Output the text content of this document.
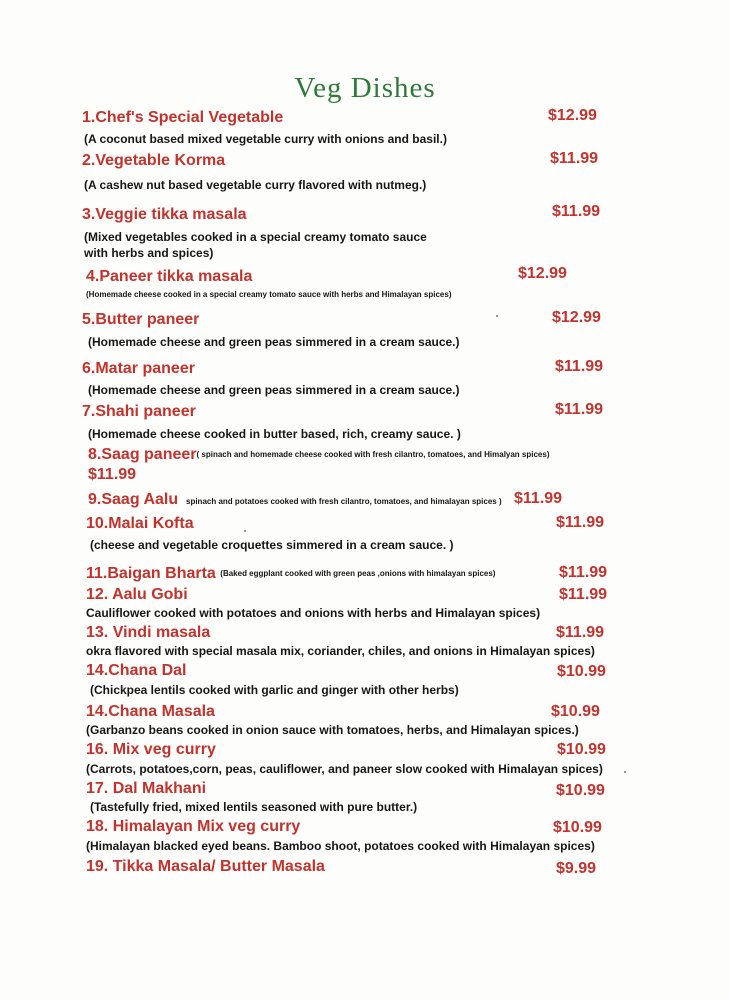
Veg Dishes
1.Chef's Special Vegetable	$12.99
(A coconut based mixed vegetable curry with onions and basil.)
2.Vegetable Korma	$11.99
(A cashew nut based vegetable curry flavored with nutmeg.)
3.Veggie tikka masala	$11.99
(Mixed vegetables cooked in a special creamy tomato sauce with herbs and spices)
4.Paneer tikka masala	$12.99
(Homemade cheese cooked in a special creamy tomato sauce with herbs and Himalayan spices)
5.Butter paneer	$12.99
(Homemade cheese and green peas simmered in a cream sauce.)
6.Matar paneer	$11.99
(Homemade cheese and green peas simmered in a cream sauce.)
7.Shahi paneer	$11.99
(Homemade cheese cooked in butter based, rich, creamy sauce. )
8.Saag paneer( spinach and homemade cheese cooked with fresh cilantro, tomatoes, and Himalyan spices)
$11.99
9.Saag Aalu spinach and potatoes cooked with fresh cilantro, tomatoes, and himalayan spices ) $11.99
10.Malai Kofta	$11.99
(cheese and vegetable croquettes simmered in a cream sauce. )
11.Baigan Bharta (Baked eggplant cooked with green peas ,onions with himalayan spices)	$11.99
12. Aalu Gobi	$11.99
Cauliflower cooked with potatoes and onions with herbs and Himalayan spices)
13. Vindi masala	$11.99
okra flavored with special masala mix, coriander, chiles, and onions in Himalayan spices)
14.Chana Dal	$10.99
(Chickpea lentils cooked with garlic and ginger with other herbs)
14.Chana Masala	$10.99
(Garbanzo beans cooked in onion sauce with tomatoes, herbs, and Himalayan spices.)
16. Mix veg curry	$10.99
(Carrots, potatoes,corn, peas, cauliflower, and paneer slow cooked with Himalayan spices)
17. Dal Makhani	$10.99
(Tastefully fried, mixed lentils seasoned with pure butter.)
18. Himalayan Mix veg curry	$10.99
(Himalayan blacked eyed beans. Bamboo shoot, potatoes cooked with Himalayan spices)
19. Tikka Masala/ Butter Masala	$9.99
